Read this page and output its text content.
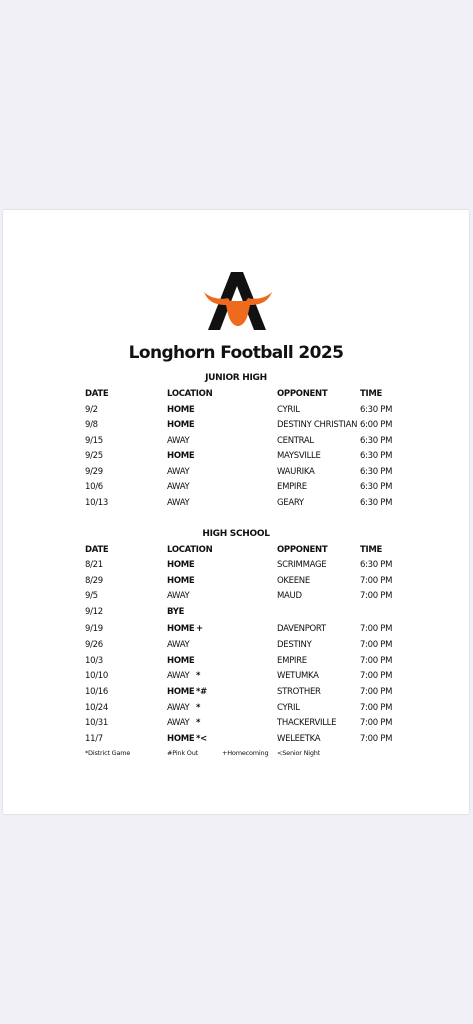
Longhorn Football 2025
JUNIOR HIGH
DATE	LOCATION	OPPONENT	TIME
9/2	HOME	CYRIL	6:30 PM
9/8	HOME	DESTINY CHRISTIAN 6:00 PM
9/15	AWAY	CENTRAL	6:30 PM
9/25	HOME	MAYSVILLE	6:30 PM
9/29	AWAY	WAURIKA	6:30 PM
10/6	AWAY	EMPIRE	6:30 PM
10/13	AWAY	GEARY	6:30 PM
HIGH SCHOOL
DATE	LOCATION	OPPONENT	TIME
8/21	HOME	SCRIMMAGE	6:30 PM
8/29	HOME	OKEENE	7:00 PM
9/5	AWAY	MAUD	7:00 PM
9/12	BYE
9/19	HOME +	DAVENPORT	7:00 PM
9/26	AWAY	DESTINY	7:00 PM
10/3	HOME	EMPIRE	7:00 PM
10/10	AWAY *	WETUMKA	7:00 PM
10/16	HOME *#	STROTHER	7:00 PM
10/24	AWAY *	CYRIL	7:00 PM
10/31	AWAY *	THACKERVILLE	7:00 PM
11/7	HOME *<	WELEETKA	7:00 PM
*District Game	#Pink Out	+Homecoming <Senior Night
